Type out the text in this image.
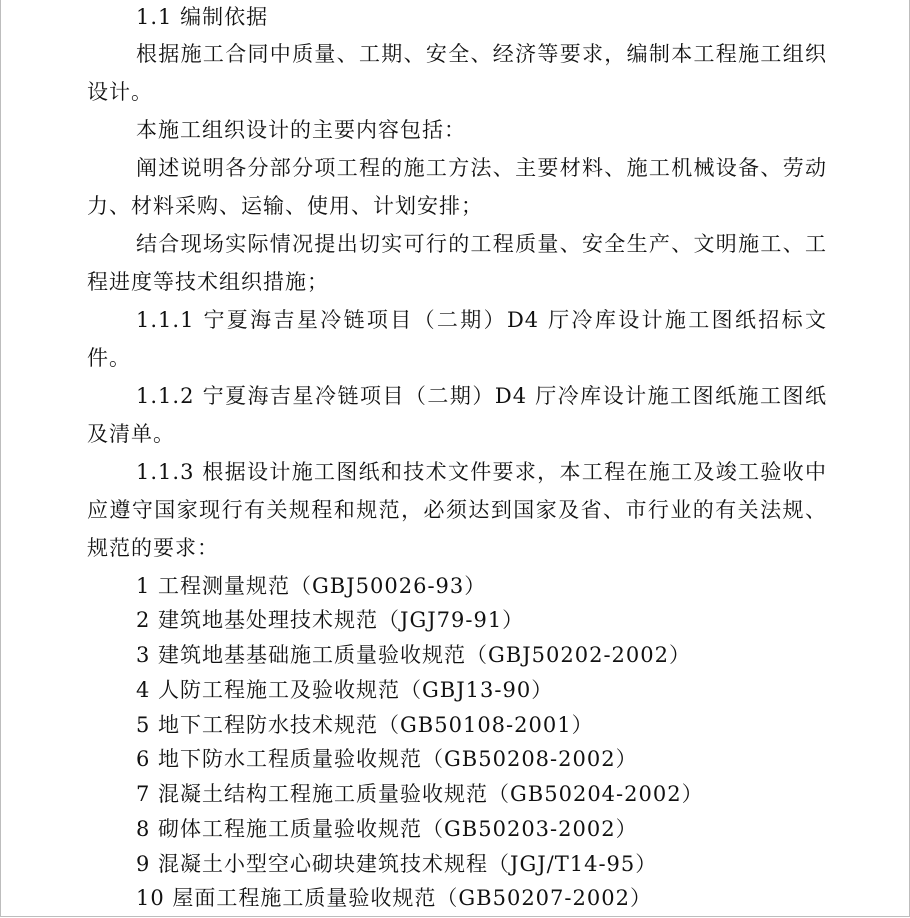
1.1 编制依据

根据施工合同中质量、工期、安全、经济等要求，编制本工程施工组织设计。

本施工组织设计的主要内容包括：

阐述说明各分部分项工程的施工方法、主要材料、施工机械设备、劳动力、材料采购、运输、使用、计划安排；

结合现场实际情况提出切实可行的工程质量、安全生产、文明施工、工程进度等技术组织措施；

1.1.1 宁夏海吉星冷链项目（二期）D4 厅冷库设计施工图纸招标文件。

1.1.2 宁夏海吉星冷链项目（二期）D4 厅冷库设计施工图纸施工图纸及清单。

1.1.3 根据设计施工图纸和技术文件要求，本工程在施工及竣工验收中应遵守国家现行有关规程和规范，必须达到国家及省、市行业的有关法规、规范的要求：

1 工程测量规范（GBJ50026-93）
2 建筑地基处理技术规范（JGJ79-91）
3 建筑地基基础施工质量验收规范（GBJ50202-2002）
4 人防工程施工及验收规范（GBJ13-90）
5 地下工程防水技术规范（GB50108-2001）
6 地下防水工程质量验收规范（GB50208-2002）
7 混凝土结构工程施工质量验收规范（GB50204-2002）
8 砌体工程施工质量验收规范（GB50203-2002）
9 混凝土小型空心砌块建筑技术规程（JGJ/T14-95）
10 屋面工程施工质量验收规范（GB50207-2002）
